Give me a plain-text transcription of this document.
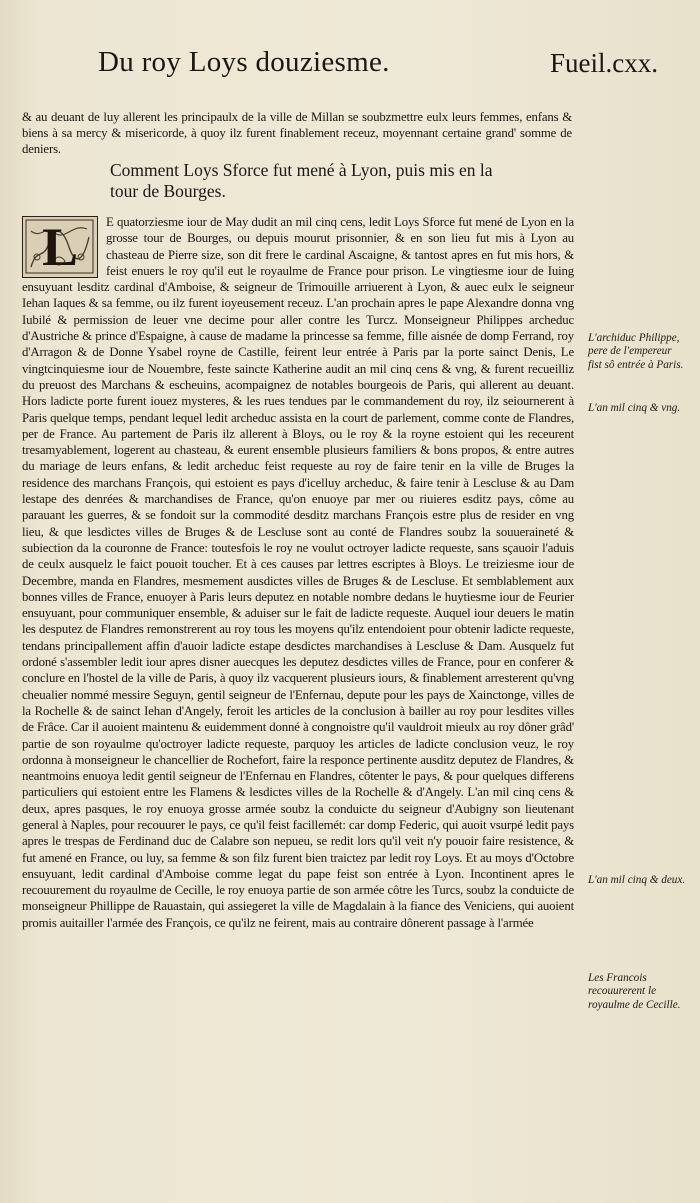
Du roy Loys douziesme.	Fueil.cxx.

& au deuant de luy allerent les principaulx de la ville de Millan se soubzmettre eulx leurs femmes, enfans & biens à sa mercy & misericorde, à quoy ilz furent finablement receuz, moyennant certaine grand' somme de deniers.

Comment Loys Sforce fut mené à Lyon, puis mis en la
tour de Bourges.
L	E quatorziesme iour de May dudit an mil cinq cens, ledit Loys Sforce fut mené de Lyon en la grosse tour de Bourges, ou depuis mourut prisonnier, & en son lieu fut mis à Lyon au chasteau de Pierre size, son dit frere le cardinal Ascaigne, & tantost apres en fut mis hors, & feist enuers le roy qu'il eut le royaulme de France pour prison. Le vingtiesme iour de Iuing ensuyuant lesditz cardinal d'Amboise, & seigneur de Trimouille arriuerent à Lyon, & auec eulx le seigneur Iehan Iaques & sa femme, ou ilz furent ioyeusement receuz. L'an prochain apres le pape Alexandre donna vng Iubilé & permission de leuer vne decime pour aller contre les Turcz. Monseigneur Philippes archeduc d'Austriche & prince d'Espaigne, à cause de madame la princesse sa femme, fille aisnée de domp Ferrand, roy d'Arragon & de Donne Ysabel royne de Castille, feirent leur entrée à Paris par la porte sainct Denis, Le vingtcinquiesme iour de Nouembre, feste saincte Katherine audit an mil cinq cens & vng, & furent recueilliz du preuost des Marchans & escheuins, acompaignez de notables bourgeois de Paris, qui allerent au deuant. Hors ladicte porte furent iouez mysteres, & les rues tendues par le commandement du roy, ilz seiournerent à Paris quelque temps, pendant lequel ledit archeduc assista en la court de parlement, comme conte de Flandres, per de France. Au partement de Paris ilz allerent à Bloys, ou le roy & la royne estoient qui les receurent tresamyablement, logerent au chasteau, & eurent ensemble plusieurs familiers & bons propos, & entre autres du mariage de leurs enfans, & ledit archeduc feist requeste au roy de faire tenir en la ville de Bruges la residence des marchans François, qui estoient es pays d'icelluy archeduc, & faire tenir à Lescluse & au Dam lestape des denrées & marchandises de France, qu'on enuoye par mer ou riuieres esditz pays, côme au parauant les guerres, & se fondoit sur la commodité desditz marchans François estre plus de resider en vng lieu, & que lesdictes villes de Bruges & de Lescluse sont au conté de Flandres soubz la souueraineté & subiection da la couronne de France: toutesfois le roy ne voulut octroyer ladicte requeste, sans sçauoir l'aduis de ceulx ausquelz le faict pouoit toucher. Et à ces causes par lettres escriptes à Bloys. Le treiziesme iour de Decembre, manda en Flandres, mesmement ausdictes villes de Bruges & de Lescluse. Et semblablement aux bonnes villes de France, enuoyer à Paris leurs deputez en notable nombre dedans le huytiesme iour de Feurier ensuyuant, pour communiquer ensemble, & aduiser sur le fait de ladicte requeste. Auquel iour deuers le matin les desputez de Flandres remonstrerent au roy tous les moyens qu'ilz entendoient pour obtenir ladicte requeste, tendans principallement affin d'auoir ladicte estape desdictes marchandises à Lescluse & Dam. Ausquelz fut ordoné s'assembler ledit iour apres disner auecques les deputez desdictes villes de France, pour en conferer & conclure en l'hostel de la ville de Paris, à quoy ilz vacquerent plusieurs iours, & finablement arresterent qu'vng cheualier nommé messire Seguyn, gentil seigneur de l'Enfernau, depute pour les pays de Xainctonge, villes de la Rochelle & de sainct Iehan d'Angely, feroit les articles de la conclusion à bailler au roy pour lesdites villes de Frâce. Car il auoient maintenu & euidemment donné à congnoistre qu'il vauldroit mieulx au roy dôner grâd' partie de son royaulme qu'octroyer ladicte requeste, parquoy les articles de ladicte conclusion veuz, le roy ordonna à monseigneur le chancellier de Rochefort, faire la responce pertinente ausditz deputez de Flandres, & neantmoins enuoya ledit gentil seigneur de l'Enfernau en Flandres, côtenter le pays, & pour quelques differens particuliers qui estoient entre les Flamens & lesdictes villes de la Rochelle & d'Angely. L'an mil cinq cens & deux, apres pasques, le roy enuoya grosse armée soubz la conduicte du seigneur d'Aubigny son lieutenant general à Naples, pour recouurer le pays, ce qu'il feist facillemét: car domp Federic, qui auoit vsurpé ledit pays apres le trespas de Ferdinand duc de Calabre son nepueu, se redit lors qu'il veit n'y pouoir faire resistence, & fut amené en France, ou luy, sa femme & son filz furent bien traictez par ledit roy Loys. Et au moys d'Octobre ensuyuant, ledit cardinal d'Amboise comme legat du pape feist son entrée à Lyon. Incontinent apres le recouurement du royaulme de Cecille, le roy enuoya partie de son armée côtre les Turcs, soubz la conduicte de monseigneur Phillippe de Rauastain, qui assiegeret la ville de Magdalain à la fiance des Veniciens, qui auoient promis auitailler l'armée des François, ce qu'ilz ne feirent, mais au contraire dônerent passage à l'armée
L'archiduc Philippe, pere de l'empereur fist sô entrée à Paris.
L'an mil cinq & vng.
L'an mil cinq & deux.
Les Francois recouurerent le royaulme de Cecille.
